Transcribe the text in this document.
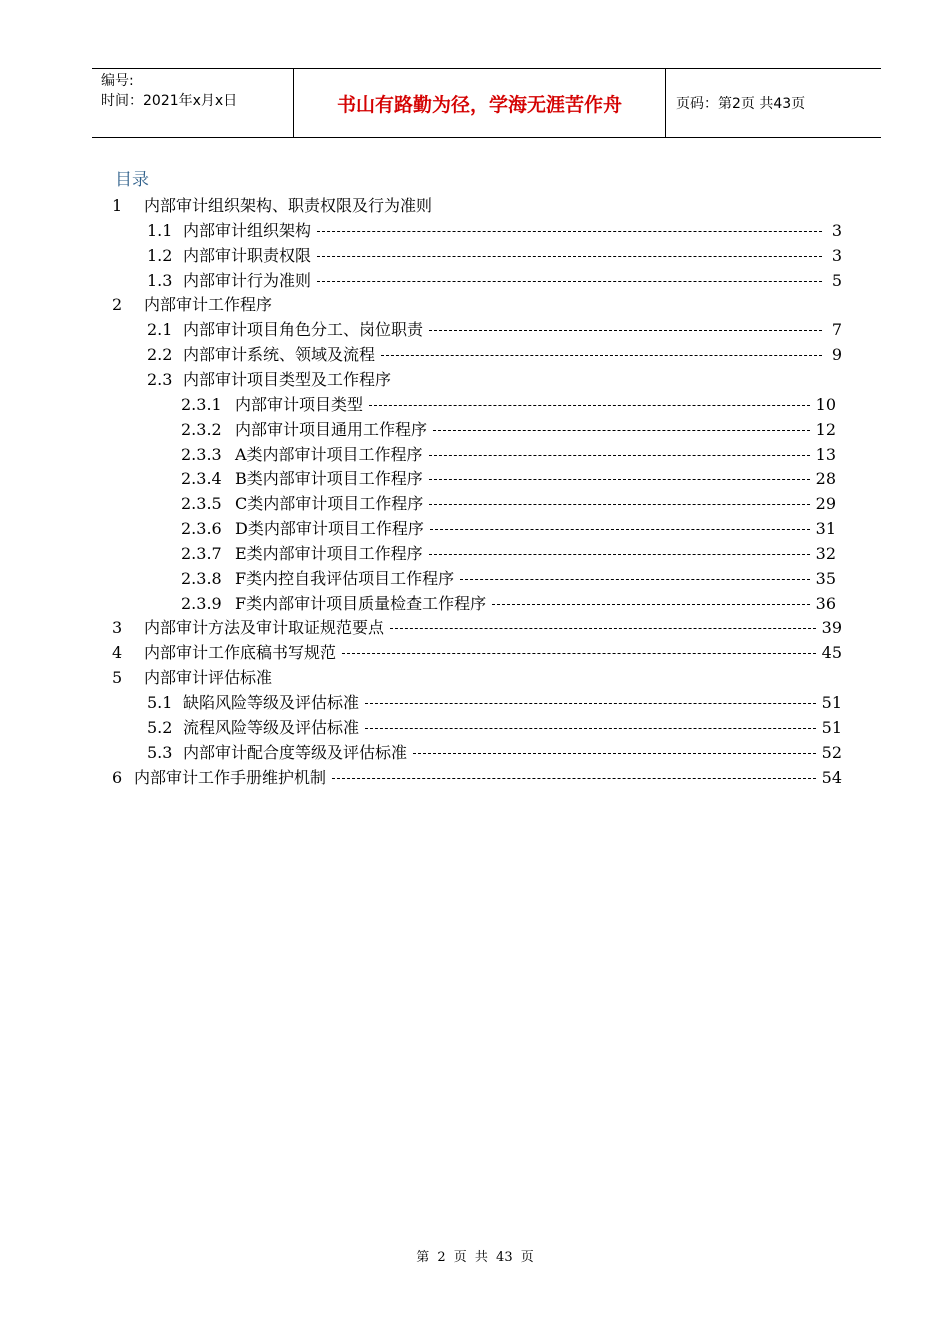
编号:
时间：2021年x月x日	书山有路勤为径，学海无涯苦作舟	页码：第2页 共43页
目录
1	内部审计组织架构、职责权限及行为准则
1.1 内部审计组织架构	3
1.2 内部审计职责权限	3
1.3 内部审计行为准则	5
2	内部审计工作程序
2.1 内部审计项目角色分工、岗位职责	7
2.2 内部审计系统、领域及流程	9
2.3 内部审计项目类型及工作程序
2.3.1 内部审计项目类型	10
2.3.2 内部审计项目通用工作程序	12
2.3.3 A类内部审计项目工作程序	13
2.3.4 B类内部审计项目工作程序	28
2.3.5 C类内部审计项目工作程序	29
2.3.6 D类内部审计项目工作程序	31
2.3.7 E类内部审计项目工作程序	32
2.3.8 F类内控自我评估项目工作程序	35
2.3.9 F类内部审计项目质量检查工作程序	36
3	内部审计方法及审计取证规范要点	39
4	内部审计工作底稿书写规范	45
5	内部审计评估标准
5.1 缺陷风险等级及评估标准	51
5.2 流程风险等级及评估标准	51
5.3 内部审计配合度等级及评估标准	52
6 内部审计工作手册维护机制	54
第 2 页 共 43 页
